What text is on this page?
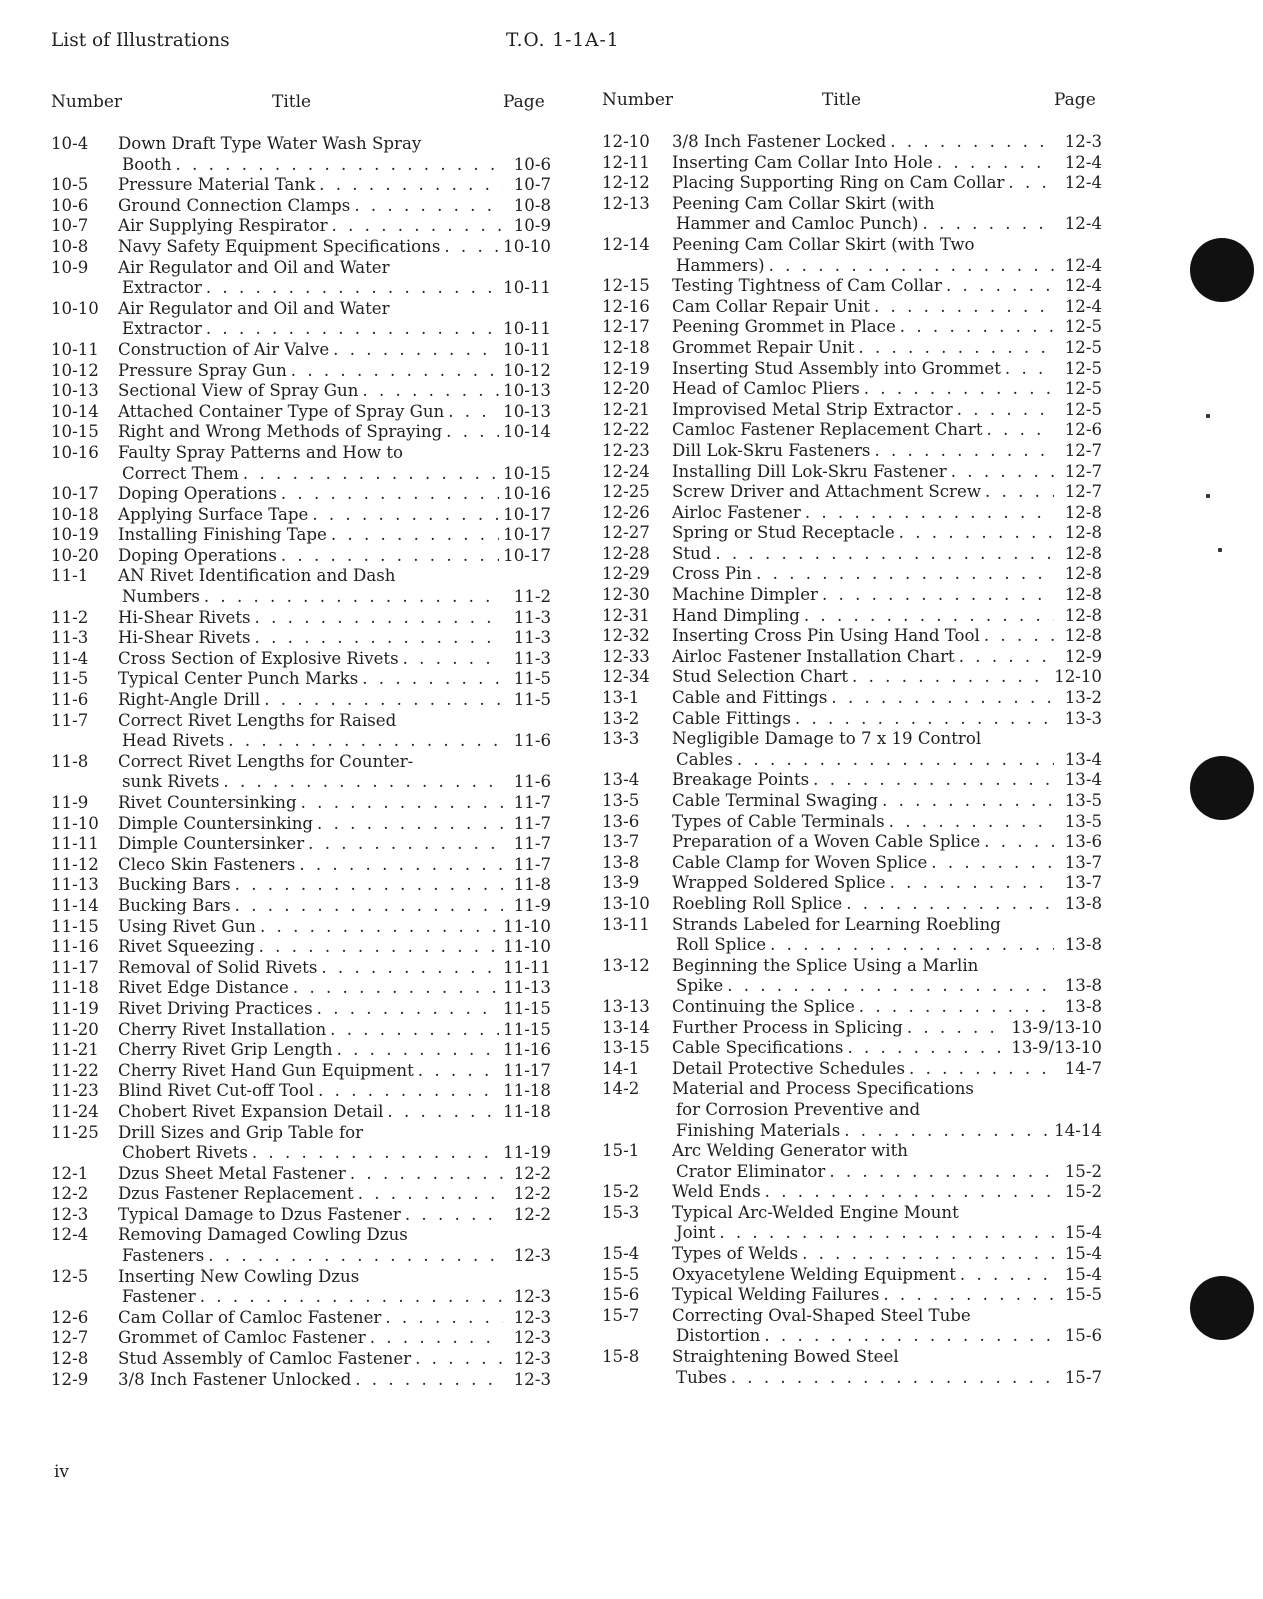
List of Illustrations	T.O. 1-1A-1
Number	Title	Page
10-4	Down Draft Type Water Wash Spray
Booth . . .	10-6
10-5	Pressure Material Tank . . .	10-7
10-6	Ground Connection Clamps . . .	10-8
10-7	Air Supplying Respirator . . .	10-9
10-8	Navy Safety Equipment Specifications . . .	10-10
10-9	Air Regulator and Oil and Water
Extractor . . .	10-11
10-10	Air Regulator and Oil and Water
Extractor . . .	10-11
10-11	Construction of Air Valve . . .	10-11
10-12	Pressure Spray Gun . . .	10-12
10-13	Sectional View of Spray Gun . . .	10-13
10-14	Attached Container Type of Spray Gun . . .	10-13
10-15	Right and Wrong Methods of Spraying . . .	10-14
10-16	Faulty Spray Patterns and How to
Correct Them . . .	10-15
10-17	Doping Operations . . .	10-16
10-18	Applying Surface Tape . . .	10-17
10-19	Installing Finishing Tape . . .	10-17
10-20	Doping Operations . . .	10-17
11-1	AN Rivet Identification and Dash
Numbers . . .	11-2
11-2	Hi-Shear Rivets . . .	11-3
11-3	Hi-Shear Rivets . . .	11-3
11-4	Cross Section of Explosive Rivets . . .	11-3
11-5	Typical Center Punch Marks . . .	11-5
11-6	Right-Angle Drill . . .	11-5
11-7	Correct Rivet Lengths for Raised
Head Rivets . . .	11-6
11-8	Correct Rivet Lengths for Counter-
sunk Rivets . . .	11-6
11-9	Rivet Countersinking . . .	11-7
11-10	Dimple Countersinking . . .	11-7
11-11	Dimple Countersinker . . .	11-7
11-12	Cleco Skin Fasteners . . .	11-7
11-13	Bucking Bars . . .	11-8
11-14	Bucking Bars . . .	11-9
11-15	Using Rivet Gun . . .	11-10
11-16	Rivet Squeezing . . .	11-10
11-17	Removal of Solid Rivets . . .	11-11
11-18	Rivet Edge Distance . . .	11-13
11-19	Rivet Driving Practices . . .	11-15
11-20	Cherry Rivet Installation . . .	11-15
11-21	Cherry Rivet Grip Length . . .	11-16
11-22	Cherry Rivet Hand Gun Equipment . . .	11-17
11-23	Blind Rivet Cut-off Tool . . .	11-18
11-24	Chobert Rivet Expansion Detail . . .	11-18
11-25	Drill Sizes and Grip Table for
Chobert Rivets . . .	11-19
12-1	Dzus Sheet Metal Fastener . . .	12-2
12-2	Dzus Fastener Replacement . . .	12-2
12-3	Typical Damage to Dzus Fastener . . .	12-2
12-4	Removing Damaged Cowling Dzus
Fasteners . . .	12-3
12-5	Inserting New Cowling Dzus
Fastener . . .	12-3
12-6	Cam Collar of Camloc Fastener . . .	12-3
12-7	Grommet of Camloc Fastener . . .	12-3
12-8	Stud Assembly of Camloc Fastener . . .	12-3
12-9	3/8 Inch Fastener Unlocked . . .	12-3
Number	Title	Page
12-10	3/8 Inch Fastener Locked . . .	12-3
12-11	Inserting Cam Collar Into Hole . . .	12-4
12-12	Placing Supporting Ring on Cam Collar . . .	12-4
12-13	Peening Cam Collar Skirt (with
Hammer and Camloc Punch) . . .	12-4
12-14	Peening Cam Collar Skirt (with Two
Hammers) . . .	12-4
12-15	Testing Tightness of Cam Collar . . .	12-4
12-16	Cam Collar Repair Unit . . .	12-4
12-17	Peening Grommet in Place . . .	12-5
12-18	Grommet Repair Unit . . .	12-5
12-19	Inserting Stud Assembly into Grommet . . .	12-5
12-20	Head of Camloc Pliers . . .	12-5
12-21	Improvised Metal Strip Extractor . . .	12-5
12-22	Camloc Fastener Replacement Chart . . .	12-6
12-23	Dill Lok-Skru Fasteners . . .	12-7
12-24	Installing Dill Lok-Skru Fastener . . .	12-7
12-25	Screw Driver and Attachment Screw . . .	12-7
12-26	Airloc Fastener . . .	12-8
12-27	Spring or Stud Receptacle . . .	12-8
12-28	Stud . . .	12-8
12-29	Cross Pin . . .	12-8
12-30	Machine Dimpler . . .	12-8
12-31	Hand Dimpling . . .	12-8
12-32	Inserting Cross Pin Using Hand Tool . . .	12-8
12-33	Airloc Fastener Installation Chart . . .	12-9
12-34	Stud Selection Chart . . .	12-10
13-1	Cable and Fittings . . .	13-2
13-2	Cable Fittings . . .	13-3
13-3	Negligible Damage to 7 x 19 Control
Cables . . .	13-4
13-4	Breakage Points . . .	13-4
13-5	Cable Terminal Swaging . . .	13-5
13-6	Types of Cable Terminals . . .	13-5
13-7	Preparation of a Woven Cable Splice . . .	13-6
13-8	Cable Clamp for Woven Splice . . .	13-7
13-9	Wrapped Soldered Splice . . .	13-7
13-10	Roebling Roll Splice . . .	13-8
13-11	Strands Labeled for Learning Roebling
Roll Splice . . .	13-8
13-12	Beginning the Splice Using a Marlin
Spike . . .	13-8
13-13	Continuing the Splice . . .	13-8
13-14	Further Process in Splicing . . .	13-9/13-10
13-15	Cable Specifications . . .	13-9/13-10
14-1	Detail Protective Schedules . . .	14-7
14-2	Material and Process Specifications
for Corrosion Preventive and
Finishing Materials . . .	14-14
15-1	Arc Welding Generator with
Crator Eliminator . . .	15-2
15-2	Weld Ends . . .	15-2
15-3	Typical Arc-Welded Engine Mount
Joint . . .	15-4
15-4	Types of Welds . . .	15-4
15-5	Oxyacetylene Welding Equipment . . .	15-4
15-6	Typical Welding Failures . . .	15-5
15-7	Correcting Oval-Shaped Steel Tube
Distortion . . .	15-6
15-8	Straightening Bowed Steel
Tubes . . .	15-7
iv
